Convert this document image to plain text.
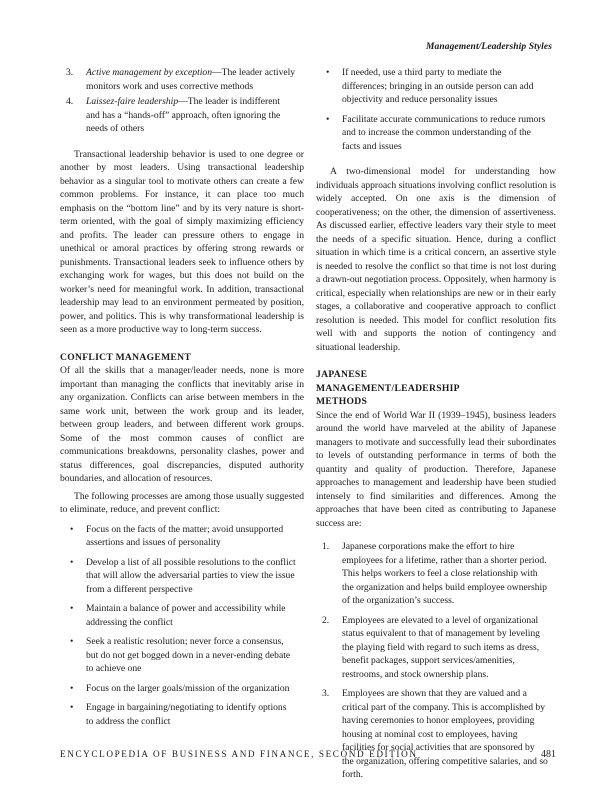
Management/Leadership Styles
3. Active management by exception—The leader actively monitors work and uses corrective methods
4. Laissez-faire leadership—The leader is indifferent and has a “hands-off” approach, often ignoring the needs of others

Transactional leadership behavior is used to one degree or another by most leaders. Using transactional leadership behavior as a singular tool to motivate others can create a few common problems. For instance, it can place too much emphasis on the “bottom line” and by its very nature is short-term oriented, with the goal of simply maximizing efficiency and profits. The leader can pressure others to engage in unethical or amoral practices by offering strong rewards or punishments. Transactional leaders seek to influence others by exchanging work for wages, but this does not build on the worker’s need for meaningful work. In addition, transactional leadership may lead to an environment permeated by position, power, and politics. This is why transformational leadership is seen as a more productive way to long-term success.

CONFLICT MANAGEMENT

Of all the skills that a manager/leader needs, none is more important than managing the conflicts that inevitably arise in any organization. Conflicts can arise between members in the same work unit, between the work group and its leader, between group leaders, and between different work groups. Some of the most common causes of conflict are communications breakdowns, personality clashes, power and status differences, goal discrepancies, disputed authority boundaries, and allocation of resources.

The following processes are among those usually suggested to eliminate, reduce, and prevent conflict:

• Focus on the facts of the matter; avoid unsupported assertions and issues of personality
• Develop a list of all possible resolutions to the conflict that will allow the adversarial parties to view the issue from a different perspective
• Maintain a balance of power and accessibility while addressing the conflict
• Seek a realistic resolution; never force a consensus, but do not get bogged down in a never-ending debate to achieve one
• Focus on the larger goals/mission of the organization
• Engage in bargaining/negotiating to identify options to address the conflict
• If needed, use a third party to mediate the differences; bringing in an outside person can add objectivity and reduce personality issues
• Facilitate accurate communications to reduce rumors and to increase the common understanding of the facts and issues

A two-dimensional model for understanding how individuals approach situations involving conflict resolution is widely accepted. On one axis is the dimension of cooperativeness; on the other, the dimension of assertiveness. As discussed earlier, effective leaders vary their style to meet the needs of a specific situation. Hence, during a conflict situation in which time is a critical concern, an assertive style is needed to resolve the conflict so that time is not lost during a drawn-out negotiation process. Oppositely, when harmony is critical, especially when relationships are new or in their early stages, a collaborative and cooperative approach to conflict resolution is needed. This model for conflict resolution fits well with and supports the notion of contingency and situational leadership.

JAPANESE
MANAGEMENT/LEADERSHIP
METHODS

Since the end of World War II (1939–1945), business leaders around the world have marveled at the ability of Japanese managers to motivate and successfully lead their subordinates to levels of outstanding performance in terms of both the quantity and quality of production. Therefore, Japanese approaches to management and leadership have been studied intensely to find similarities and differences. Among the approaches that have been cited as contributing to Japanese success are:

1. Japanese corporations make the effort to hire employees for a lifetime, rather than a shorter period. This helps workers to feel a close relationship with the organization and helps build employee ownership of the organization’s success.
2. Employees are elevated to a level of organizational status equivalent to that of management by leveling the playing field with regard to such items as dress, benefit packages, support services/amenities, restrooms, and stock ownership plans.
3. Employees are shown that they are valued and a critical part of the company. This is accomplished by having ceremonies to honor employees, providing housing at nominal cost to employees, having facilities for social activities that are sponsored by the organization, offering competitive salaries, and so forth.
ENCYCLOPEDIA OF BUSINESS AND FINANCE, SECOND EDITION	481
